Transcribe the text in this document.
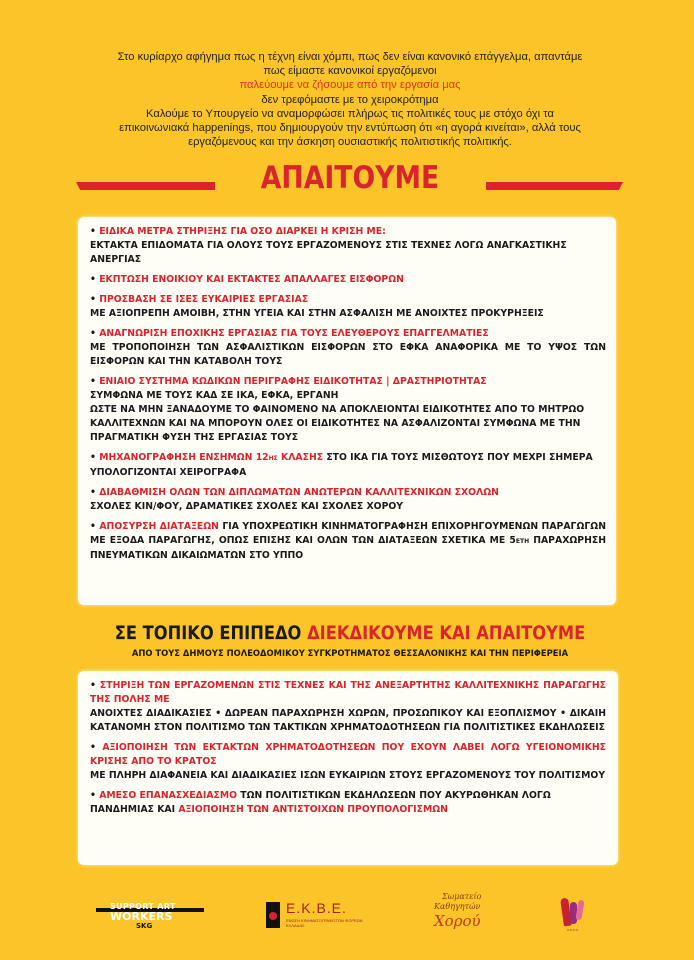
Στο κυρίαρχο αφήγημα πως η τέχνη είναι χόμπι, πως δεν είναι κανονικό επάγγελμα, απαντάμε
πως είμαστε κανονικοί εργαζόμενοι
παλεύουμε να ζήσουμε από την εργασία μας
δεν τρεφόμαστε με το χειροκρότημα
Καλούμε το Υπουργείο να αναμορφώσει πλήρως τις πολιτικές τους με στόχο όχι τα
επικοινωνιακά happenings, που δημιουργούν την εντύπωση ότι «η αγορά κινείται», αλλά τους
εργαζόμενους και την άσκηση ουσιαστικής πολιτιστικής πολιτικής.
ΑΠΑΙΤΟΥΜΕ
• ΕΙΔΙΚΑ ΜΕΤΡΑ ΣΤΗΡΙΞΗΣ ΓΙΑ ΟΣΟ ΔΙΑΡΚΕΙ Η ΚΡΙΣΗ ΜΕ:
ΕΚΤΑΚΤΑ ΕΠΙΔΟΜΑΤΑ ΓΙΑ ΟΛΟΥΣ ΤΟΥΣ ΕΡΓΑΖΟΜΕΝΟΥΣ ΣΤΙΣ ΤΕΧΝΕΣ ΛΟΓΩ ΑΝΑΓΚΑΣΤΙΚΗΣ ΑΝΕΡΓΙΑΣ
• ΕΚΠΤΩΣΗ ΕΝΟΙΚΙΟΥ ΚΑΙ ΕΚΤΑΚΤΕΣ ΑΠΑΛΛΑΓΕΣ ΕΙΣΦΟΡΩΝ
• ΠΡΟΣΒΑΣΗ ΣΕ ΙΣΕΣ ΕΥΚΑΙΡΙΕΣ ΕΡΓΑΣΙΑΣ
ΜΕ ΑΞΙΟΠΡΕΠΗ ΑΜΟΙΒΗ, ΣΤΗΝ ΥΓΕΙΑ ΚΑΙ ΣΤΗΝ ΑΣΦΑΛΙΣΗ ΜΕ ΑΝΟΙΧΤΕΣ ΠΡΟΚΥΡΗΞΕΙΣ
• ΑΝΑΓΝΩΡΙΣΗ ΕΠΟΧΙΚΗΣ ΕΡΓΑΣΙΑΣ ΓΙΑ ΤΟΥΣ ΕΛΕΥΘΕΡΟΥΣ ΕΠΑΓΓΕΛΜΑΤΙΕΣ
ΜΕ ΤΡΟΠΟΠΟΙΗΣΗ ΤΩΝ ΑΣΦΑΛΙΣΤΙΚΩΝ ΕΙΣΦΟΡΩΝ ΣΤΟ ΕΦΚΑ ΑΝΑΦΟΡΙΚΑ ΜΕ ΤΟ ΥΨΟΣ ΤΩΝ ΕΙΣΦΟΡΩΝ ΚΑΙ ΤΗΝ ΚΑΤΑΒΟΛΗ ΤΟΥΣ
• ΕΝΙΑΙΟ ΣΥΣΤΗΜΑ ΚΩΔΙΚΩΝ ΠΕΡΙΓΡΑΦΗΣ ΕΙΔΙΚΟΤΗΤΑΣ | ΔΡΑΣΤΗΡΙΟΤΗΤΑΣ
ΣΥΜΦΩΝΑ ΜΕ ΤΟΥΣ ΚΑΔ ΣΕ ΙΚΑ, ΕΦΚΑ, ΕΡΓΑΝΗ
ΩΣΤΕ ΝΑ ΜΗΝ ΞΑΝΑΔΟΥΜΕ ΤΟ ΦΑΙΝΟΜΕΝΟ ΝΑ ΑΠΟΚΛΕΙΟΝΤΑΙ ΕΙΔΙΚΟΤΗΤΕΣ ΑΠΟ ΤΟ ΜΗΤΡΩΟ ΚΑΛΛΙΤΕΧΝΩΝ ΚΑΙ ΝΑ ΜΠΟΡΟΥΝ ΟΛΕΣ ΟΙ ΕΙΔΙΚΟΤΗΤΕΣ ΝΑ ΑΣΦΑΛΙΖΟΝΤΑΙ ΣΥΜΦΩΝΑ ΜΕ ΤΗΝ ΠΡΑΓΜΑΤΙΚΗ ΦΥΣΗ ΤΗΣ ΕΡΓΑΣΙΑΣ ΤΟΥΣ
• ΜΗΧΑΝΟΓΡΑΦΗΣΗ ΕΝΣΗΜΩΝ 12ΗΣ ΚΛΑΣΗΣ ΣΤΟ ΙΚΑ ΓΙΑ ΤΟΥΣ ΜΙΣΘΩΤΟΥΣ ΠΟΥ ΜΕΧΡΙ ΣΗΜΕΡΑ ΥΠΟΛΟΓΙΖΟΝΤΑΙ ΧΕΙΡΟΓΡΑΦΑ
• ΔΙΑΒΑΘΜΙΣΗ ΟΛΩΝ ΤΩΝ ΔΙΠΛΩΜΑΤΩΝ ΑΝΩΤΕΡΩΝ ΚΑΛΛΙΤΕΧΝΙΚΩΝ ΣΧΟΛΩΝ
ΣΧΟΛΕΣ ΚΙΝ/ΦΟΥ, ΔΡΑΜΑΤΙΚΕΣ ΣΧΟΛΕΣ ΚΑΙ ΣΧΟΛΕΣ ΧΟΡΟΥ
• ΑΠΟΣΥΡΣΗ ΔΙΑΤΑΞΕΩΝ ΓΙΑ ΥΠΟΧΡΕΩΤΙΚΗ ΚΙΝΗΜΑΤΟΓΡΑΦΗΣΗ ΕΠΙΧΟΡΗΓΟΥΜΕΝΩΝ ΠΑΡΑΓΩΓΩΝ ΜΕ ΕΞΟΔΑ ΠΑΡΑΓΩΓΗΣ, ΟΠΩΣ ΕΠΙΣΗΣ ΚΑΙ ΟΛΩΝ ΤΩΝ ΔΙΑΤΑΞΕΩΝ ΣΧΕΤΙΚΑ ΜΕ 5ΕΤΗ ΠΑΡΑΧΩΡΗΣΗ ΠΝΕΥΜΑΤΙΚΩΝ ΔΙΚΑΙΩΜΑΤΩΝ ΣΤΟ ΥΠΠΟ
ΣΕ ΤΟΠΙΚΟ ΕΠΙΠΕΔΟ ΔΙΕΚΔΙΚΟΥΜΕ ΚΑΙ ΑΠΑΙΤΟΥΜΕ
ΑΠΟ ΤΟΥΣ ΔΗΜΟΥΣ ΠΟΛΕΟΔΟΜΙΚΟΥ ΣΥΓΚΡΟΤΗΜΑΤΟΣ ΘΕΣΣΑΛΟΝΙΚΗΣ ΚΑΙ ΤΗΝ ΠΕΡΙΦΕΡΕΙΑ
• ΣΤΗΡΙΞΗ ΤΩΝ ΕΡΓΑΖΟΜΕΝΩΝ ΣΤΙΣ ΤΕΧΝΕΣ ΚΑΙ ΤΗΣ ΑΝΕΞΑΡΤΗΤΗΣ ΚΑΛΛΙΤΕΧΝΙΚΗΣ ΠΑΡΑΓΩΓΗΣ ΤΗΣ ΠΟΛΗΣ ΜΕ
ΑΝΟΙΧΤΕΣ ΔΙΑΔΙΚΑΣΙΕΣ • ΔΩΡΕΑΝ ΠΑΡΑΧΩΡΗΣΗ ΧΩΡΩΝ, ΠΡΟΣΩΠΙΚΟΥ ΚΑΙ ΕΞΟΠΛΙΣΜΟΥ • ΔΙΚΑΙΗ ΚΑΤΑΝΟΜΗ ΣΤΟΝ ΠΟΛΙΤΙΣΜΟ ΤΩΝ ΤΑΚΤΙΚΩΝ ΧΡΗΜΑΤΟΔΟΤΗΣΕΩΝ ΓΙΑ ΠΟΛΙΤΙΣΤΙΚΕΣ ΕΚΔΗΛΩΣΕΙΣ
• ΑΞΙΟΠΟΙΗΣΗ ΤΩΝ ΕΚΤΑΚΤΩΝ ΧΡΗΜΑΤΟΔΟΤΗΣΕΩΝ ΠΟΥ ΕΧΟΥΝ ΛΑΒΕΙ ΛΟΓΩ ΥΓΕΙΟΝΟΜΙΚΗΣ ΚΡΙΣΗΣ ΑΠΟ ΤΟ ΚΡΑΤΟΣ
ΜΕ ΠΛΗΡΗ ΔΙΑΦΑΝΕΙΑ ΚΑΙ ΔΙΑΔΙΚΑΣΙΕΣ ΙΣΩΝ ΕΥΚΑΙΡΙΩΝ ΣΤΟΥΣ ΕΡΓΑΖΟΜΕΝΟΥΣ ΤΟΥ ΠΟΛΙΤΙΣΜΟΥ
• ΑΜΕΣΟ ΕΠΑΝΑΣΧΕΔΙΑΣΜΟ ΤΩΝ ΠΟΛΙΤΙΣΤΙΚΩΝ ΕΚΔΗΛΩΣΕΩΝ ΠΟΥ ΑΚΥΡΩΘΗΚΑΝ ΛΟΓΩ ΠΑΝΔΗΜΙΑΣ ΚΑΙ ΑΞΙΟΠΟΙΗΣΗ ΤΩΝ ΑΝΤΙΣΤΟΙΧΩΝ ΠΡΟΥΠΟΛΟΓΙΣΜΩΝ
SUPPORT ART
WORKERS
SKG
Ε.Κ.Β.Ε.
ΕΝΩΣΗ ΚΙΝΗΜΑΤΟΓΡΑΦΙΣΤΩΝ ΦΟΡΕΩΝ ΕΛΛΑΔΑΣ
Σωματείο
Καθηγητών
Χορού	Σ.Ε.Κ.Χ.
